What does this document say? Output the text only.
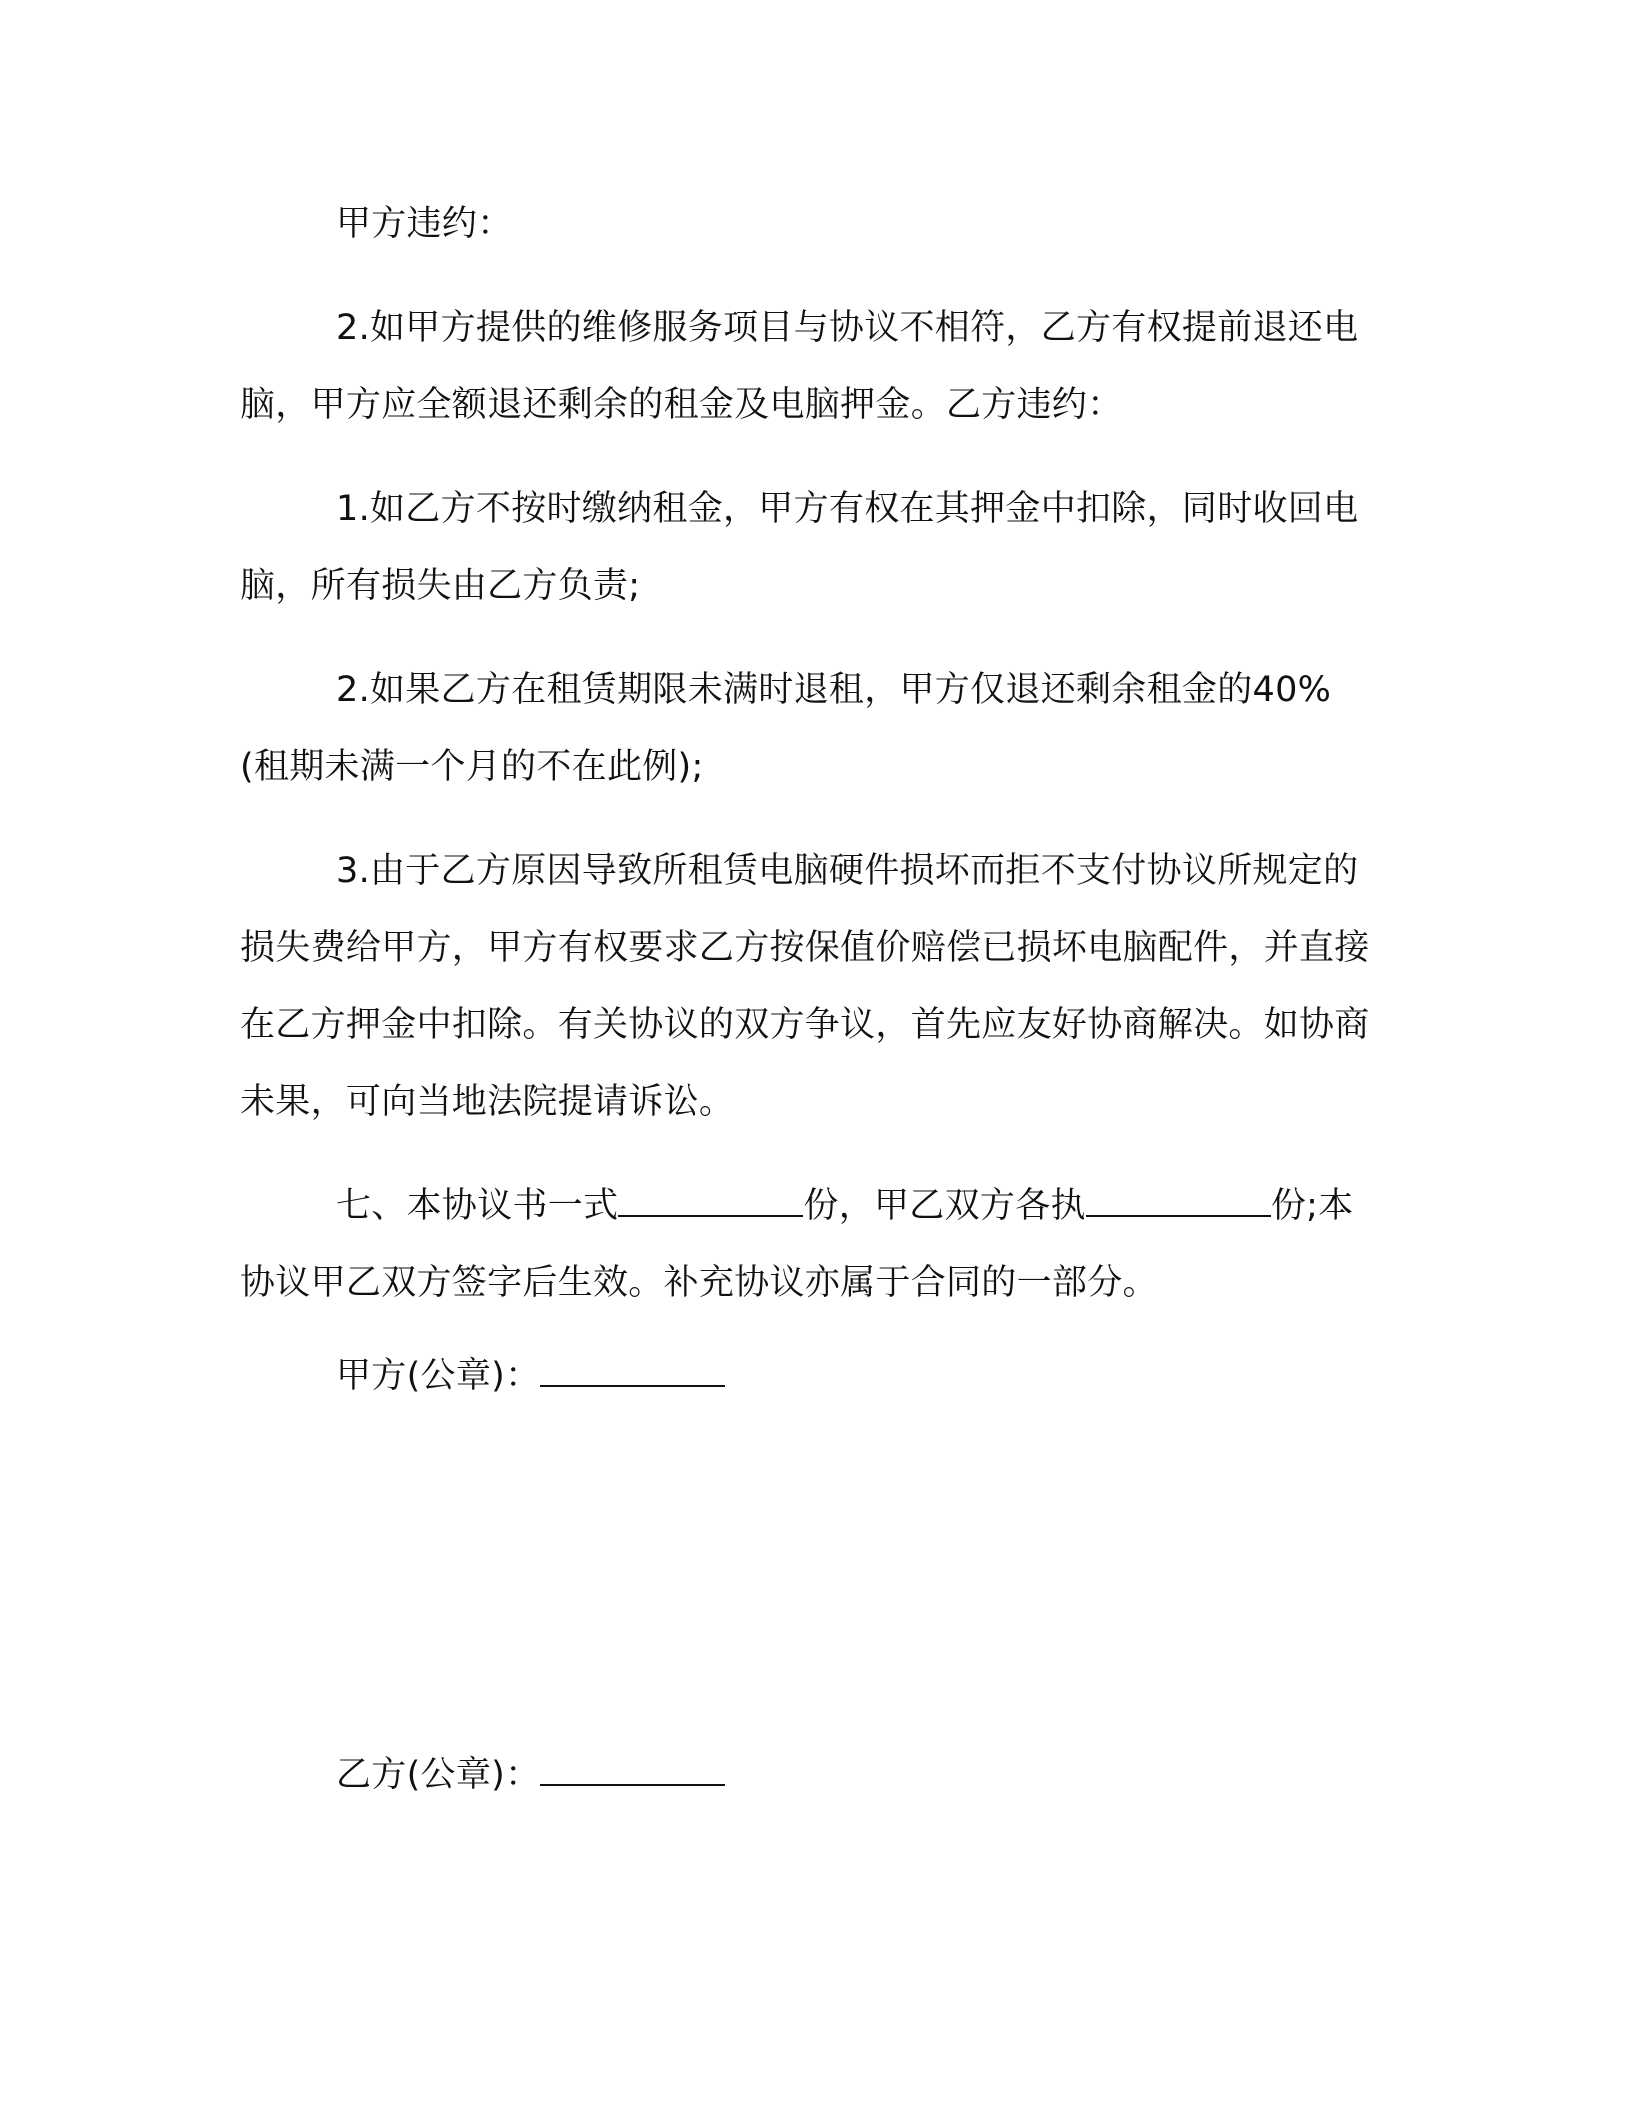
甲方违约：

2.如甲方提供的维修服务项目与协议不相符，乙方有权提前退还电脑，甲方应全额退还剩余的租金及电脑押金。乙方违约：

1.如乙方不按时缴纳租金，甲方有权在其押金中扣除，同时收回电脑，所有损失由乙方负责;

2.如果乙方在租赁期限未满时退租，甲方仅退还剩余租金的40%(租期未满一个月的不在此例);

3.由于乙方原因导致所租赁电脑硬件损坏而拒不支付协议所规定的损失费给甲方，甲方有权要求乙方按保值价赔偿已损坏电脑配件，并直接在乙方押金中扣除。有关协议的双方争议，首先应友好协商解决。如协商未果，可向当地法院提请诉讼。

七、本协议书一式	份，甲乙双方各执	份;本协议甲乙双方签字后生效。补充协议亦属于合同的一部分。

甲方(公章)：
乙方(公章)：
